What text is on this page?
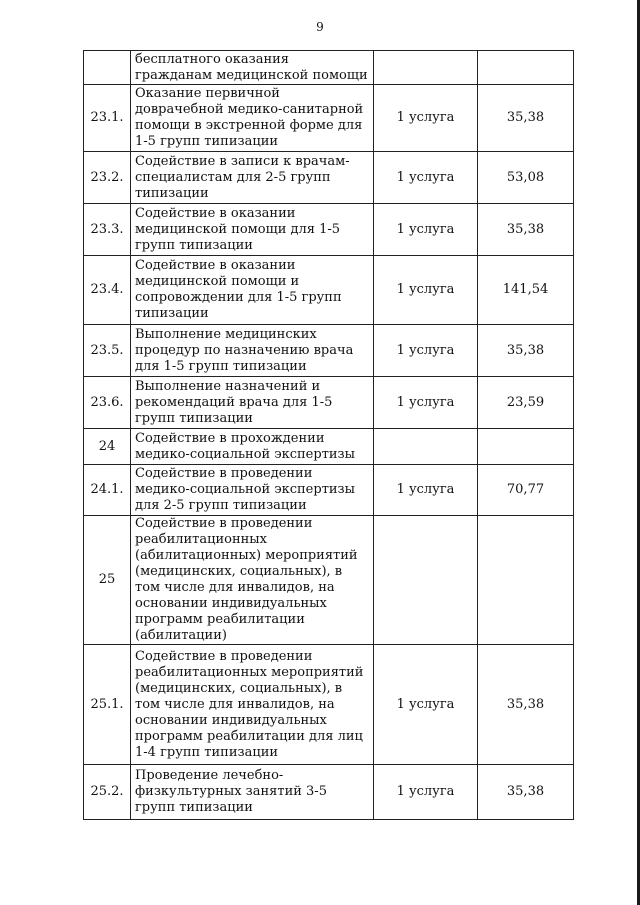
9
	бесплатного оказания гражданам медицинской помощи		
23.1.	Оказание первичной доврачебной медико-санитарной помощи в экстренной форме для 1-5 групп типизации	1 услуга	35,38
23.2.	Содействие в записи к врачам-специалистам для 2-5 групп типизации	1 услуга	53,08
23.3.	Содействие в оказании медицинской помощи для 1-5 групп типизации	1 услуга	35,38
23.4.	Содействие в оказании медицинской помощи и сопровождении для 1-5 групп типизации	1 услуга	141,54
23.5.	Выполнение медицинских процедур по назначению врача для 1-5 групп типизации	1 услуга	35,38
23.6.	Выполнение назначений и рекомендаций врача для 1-5 групп типизации	1 услуга	23,59
24	Содействие в прохождении медико-социальной экспертизы		
24.1.	Содействие в проведении медико-социальной экспертизы для 2-5 групп типизации	1 услуга	70,77
25	Содействие в проведении реабилитационных (абилитационных) мероприятий (медицинских, социальных), в том числе для инвалидов, на основании индивидуальных программ реабилитации (абилитации)		
25.1.	Содействие в проведении реабилитационных мероприятий (медицинских, социальных), в том числе для инвалидов, на основании индивидуальных программ реабилитации для лиц 1-4 групп типизации	1 услуга	35,38
25.2.	Проведение лечебно-физкультурных занятий 3-5 групп типизации	1 услуга	35,38
